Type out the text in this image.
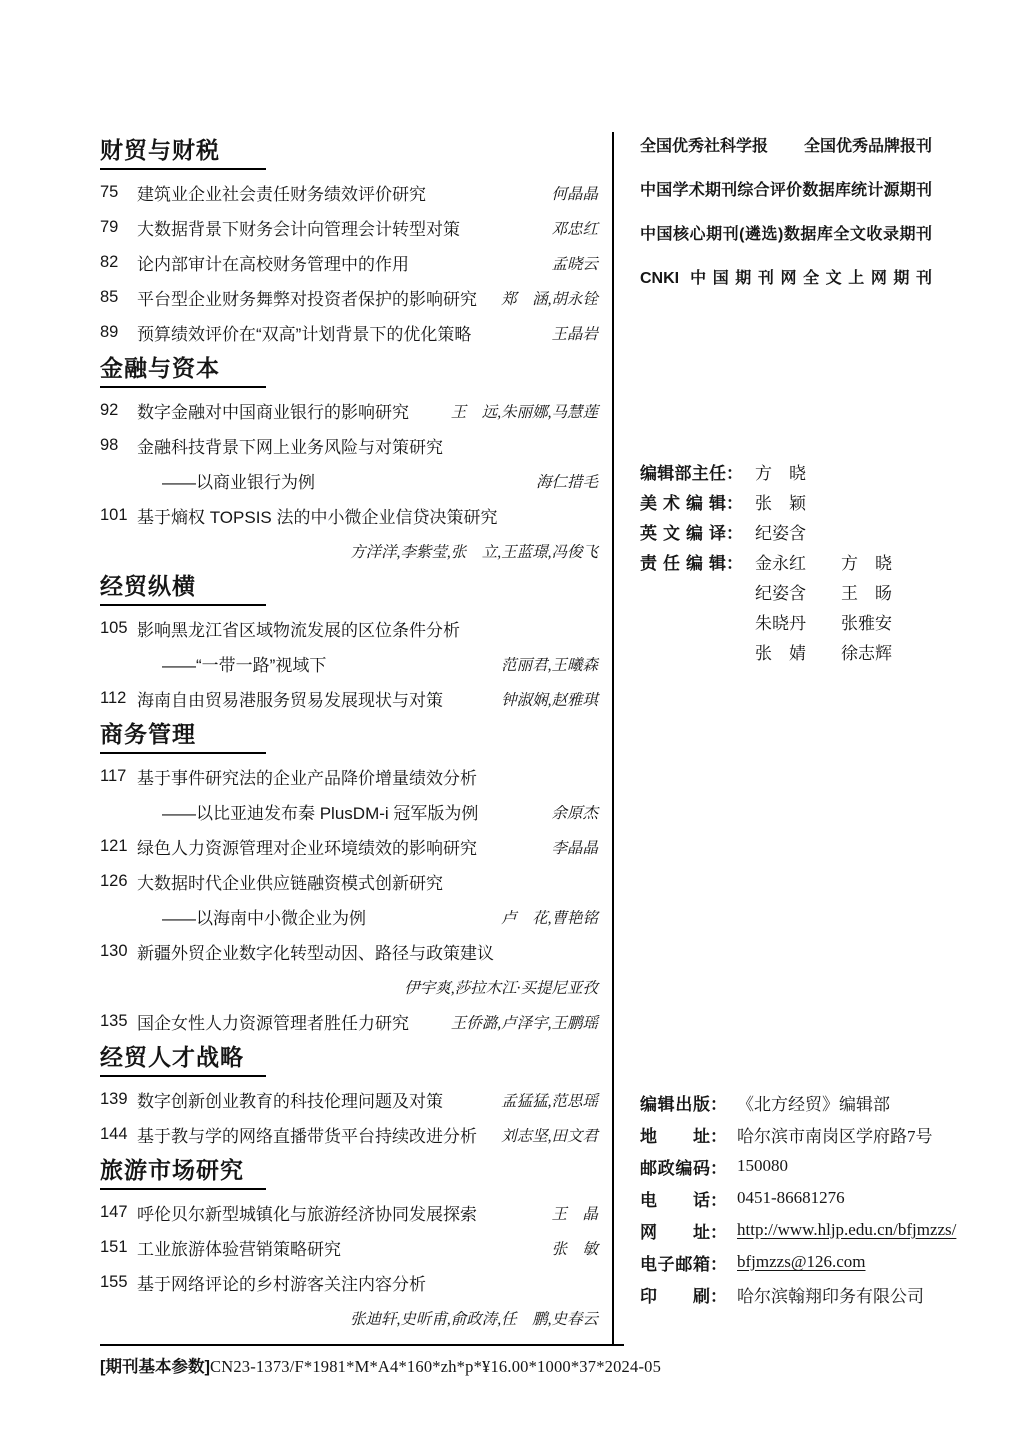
财贸与财税
75	建筑业企业社会责任财务绩效评价研究	何晶晶
79	大数据背景下财务会计向管理会计转型对策	邓忠红
82	论内部审计在高校财务管理中的作用	孟晓云
85	平台型企业财务舞弊对投资者保护的影响研究	郑　涵,胡永铨
89	预算绩效评价在“双高”计划背景下的优化策略	王晶岩
金融与资本
92	数字金融对中国商业银行的影响研究	王　远,朱丽娜,马慧莲
98	金融科技背景下网上业务风险与对策研究
——以商业银行为例	海仁措毛
101 基于熵权 TOPSIS 法的中小微企业信贷决策研究
方洋洋,李紫莹,张　立,王蓝璟,冯俊飞
经贸纵横
105 影响黑龙江省区域物流发展的区位条件分析
——“一带一路”视域下	范丽君,王曦森
112 海南自由贸易港服务贸易发展现状与对策	钟淑娴,赵雅琪
商务管理
117 基于事件研究法的企业产品降价增量绩效分析
——以比亚迪发布秦 PlusDM-i 冠军版为例	余原杰
121 绿色人力资源管理对企业环境绩效的影响研究	李晶晶
126 大数据时代企业供应链融资模式创新研究
——以海南中小微企业为例	卢　花,曹艳铭
130 新疆外贸企业数字化转型动因、路径与政策建议
伊宇爽,莎拉木江·买提尼亚孜
135 国企女性人力资源管理者胜任力研究	王侨潞,卢泽宇,王鹏瑶
经贸人才战略
139 数字创新创业教育的科技伦理问题及对策	孟猛猛,范思瑶
144 基于教与学的网络直播带货平台持续改进分析	刘志坚,田文君
旅游市场研究
147 呼伦贝尔新型城镇化与旅游经济协同发展探索	王　晶
151 工业旅游体验营销策略研究	张　敏
155 基于网络评论的乡村游客关注内容分析
张迪轩,史昕甫,俞政涛,任　鹏,史春云
全国优秀社科学报 全国优秀品牌报刊
中国学术期刊综合评价数据库统计源期刊
中国核心期刊(遴选)数据库全文收录期刊
CNKI 中国期刊网全文上网期刊
编辑部主任 ： 方　晓
美术编辑 ： 张　颖
英文编译 ： 纪姿含
责任编辑 ： 金永红	方　晓
纪姿含	王　旸
朱晓丹	张雅安
张　婧	徐志辉
编辑出版 ： 《北方经贸》编辑部
地址 ： 哈尔滨市南岗区学府路7号
邮政编码 ： 150080
电话 ： 0451-86681276
网址 ： http://www.hljp.edu.cn/bfjmzzs/
电子邮箱 ： bfjmzzs@126.com
印刷 ： 哈尔滨翰翔印务有限公司
[期刊基本参数]CN23-1373/F*1981*M*A4*160*zh*p*¥16.00*1000*37*2024-05
